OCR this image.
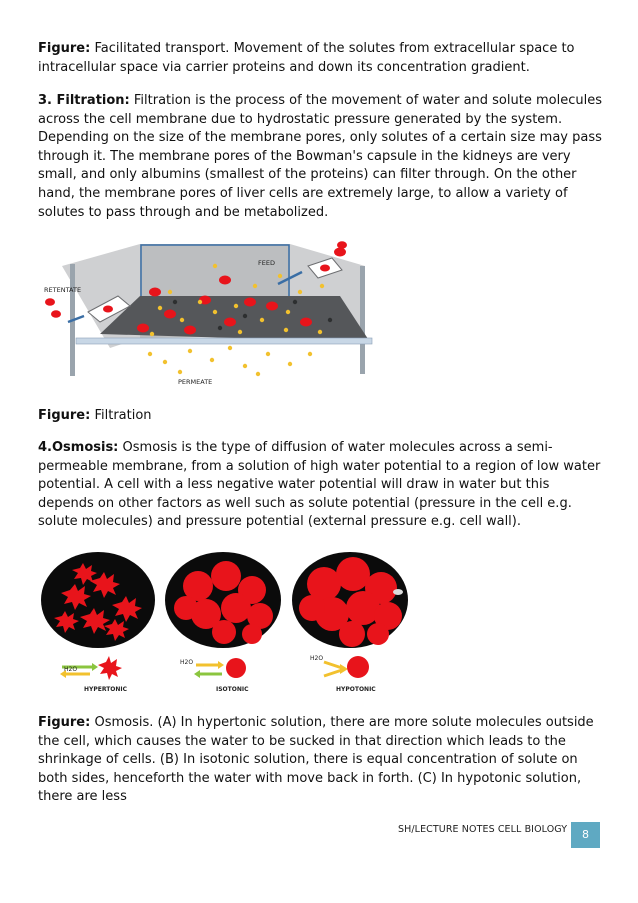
Figure: Facilitated transport. Movement of the solutes from extracellular space to intracellular space via carrier proteins and down its concentration gradient.

3. Filtration: Filtration is the process of the movement of water and solute molecules across the cell membrane due to hydrostatic pressure generated by the system. Depending on the size of the membrane pores, only solutes of a certain size may pass through it. The membrane pores of the Bowman's capsule in the kidneys are very small, and only albumins (smallest of the proteins) can filter through. On the other hand, the membrane pores of liver cells are extremely large, to allow a variety of solutes to pass through and be metabolized.

RETENTATE
FEED
PERMEATE

Figure: Filtration

4.Osmosis: Osmosis is the type of diffusion of water molecules across a semi- permeable membrane, from a solution of high water potential to a region of low water potential. A cell with a less negative water potential will draw in water but this depends on other factors as well such as solute potential (pressure in the cell e.g. solute molecules) and pressure potential (external pressure e.g. cell wall).

H2O
H2O
H2O
HYPERTONIC	ISOTONIC	HYPOTONIC

Figure: Osmosis. (A) In hypertonic solution, there are more solute molecules outside the cell, which causes the water to be sucked in that direction which leads to the shrinkage of cells. (B) In isotonic solution, there is equal concentration of solute on both sides, henceforth the water with move back in forth. (C) In hypotonic solution, there are less

SH/LECTURE NOTES CELL BIOLOGY	8
